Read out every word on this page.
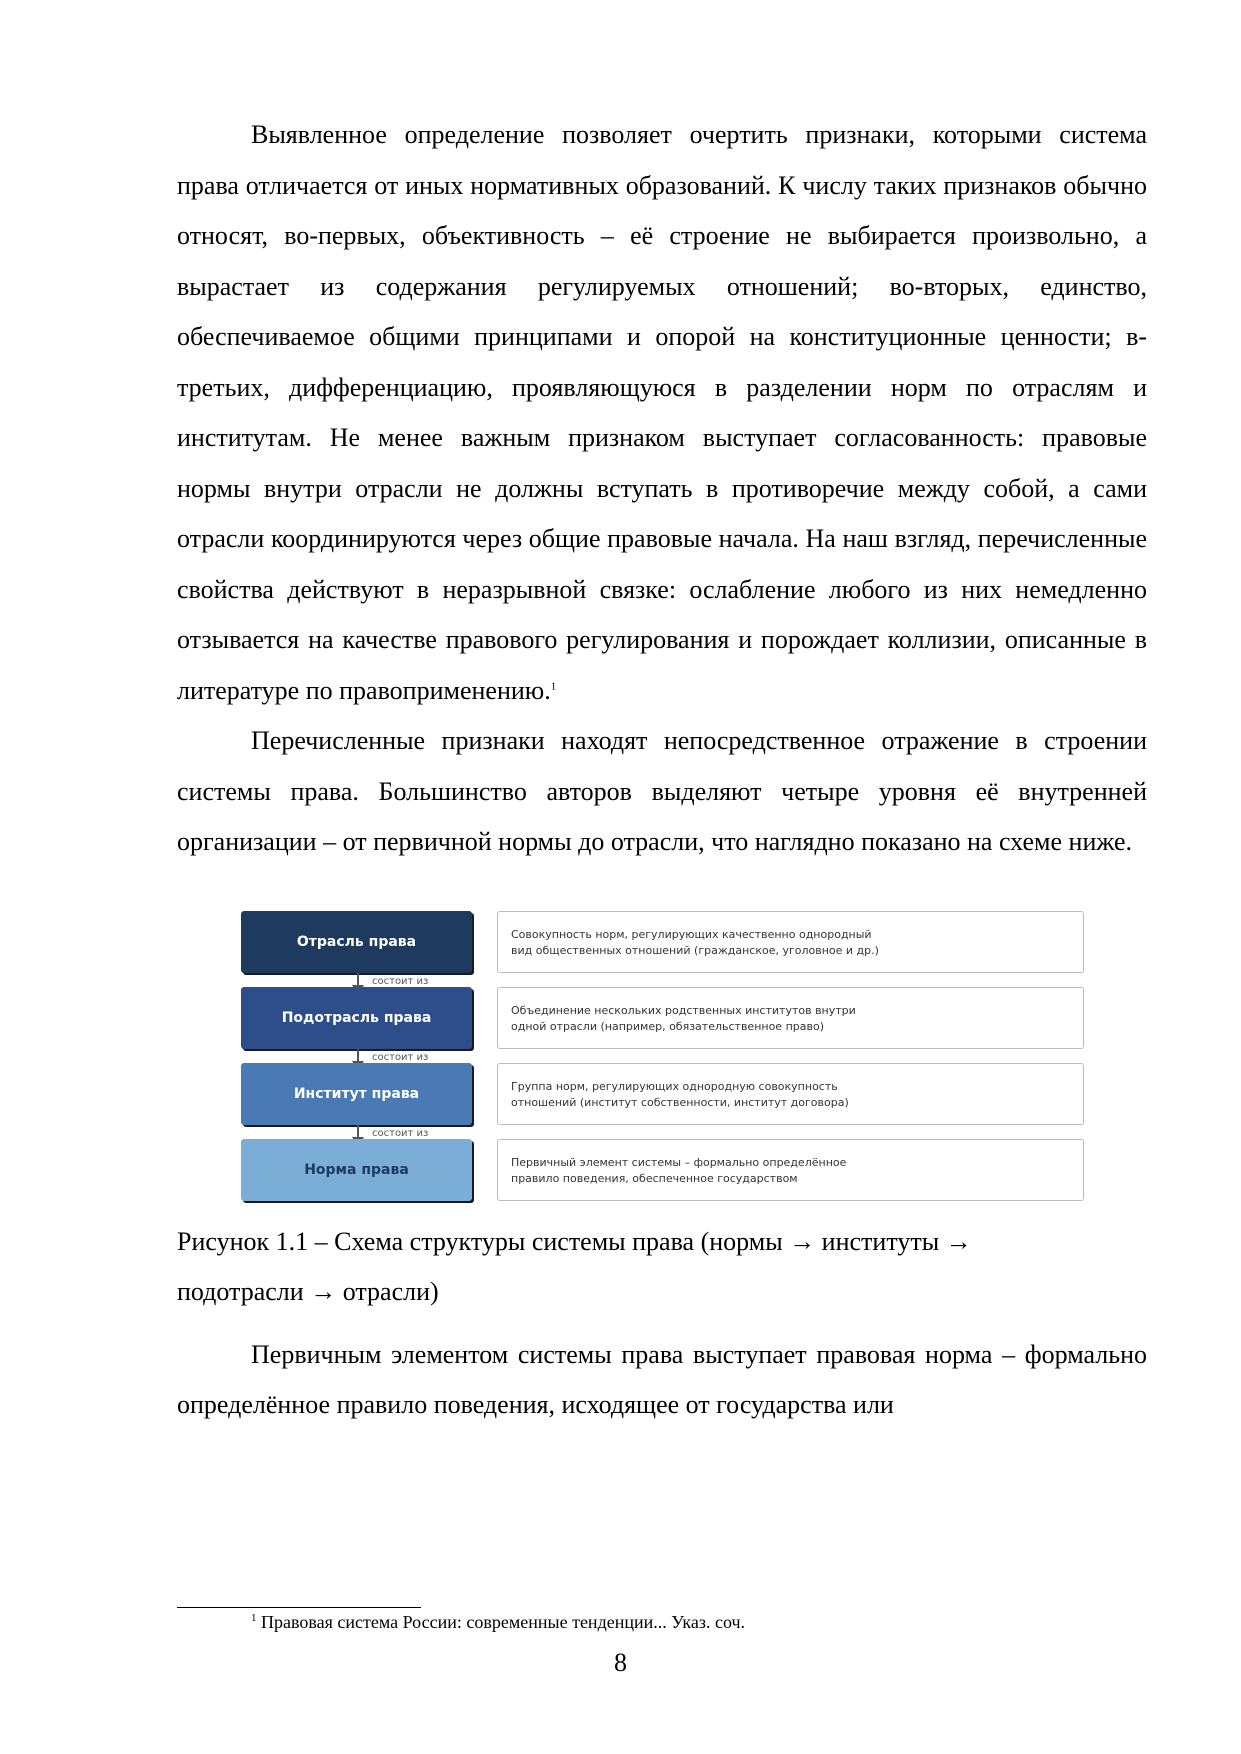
Выявленное определение позволяет очертить признаки, которыми система права отличается от иных нормативных образований. К числу таких признаков обычно относят, во-первых, объективность – её строение не выбирается произвольно, а вырастает из содержания регулируемых отношений; во-вторых, единство, обеспечиваемое общими принципами и опорой на конституционные ценности; в-третьих, дифференциацию, проявляющуюся в разделении норм по отраслям и институтам. Не менее важным признаком выступает согласованность: правовые нормы внутри отрасли не должны вступать в противоречие между собой, а сами отрасли координируются через общие правовые начала. На наш взгляд, перечисленные свойства действуют в неразрывной связке: ослабление любого из них немедленно отзывается на качестве правового регулирования и порождает коллизии, описанные в литературе по правоприменению.$^1$

Перечисленные признаки находят непосредственное отражение в строении системы права. Большинство авторов выделяют четыре уровня её внутренней организации – от первичной нормы до отрасли, что наглядно показано на схеме ниже.

Отрасль права	Совокупность норм, регулирующих качественно однородный
вид общественных отношений (гражданское, уголовное и др.)
состоит из
Подотрасль права	Объединение нескольких родственных институтов внутри
одной отрасли (например, обязательственное право)
состоит из
Институт права	Группа норм, регулирующих однородную совокупность
отношений (институт собственности, институт договора)
состоит из
Норма права	Первичный элемент системы – формально определённое
правило поведения, обеспеченное государством

Рисунок 1.1 – Схема структуры системы права (нормы → институты →
подотрасли → отрасли)

Первичным элементом системы права выступает правовая норма – формально определённое правило поведения, исходящее от государства или

$^1$ Правовая система России: современные тенденции... Указ. соч.
8
